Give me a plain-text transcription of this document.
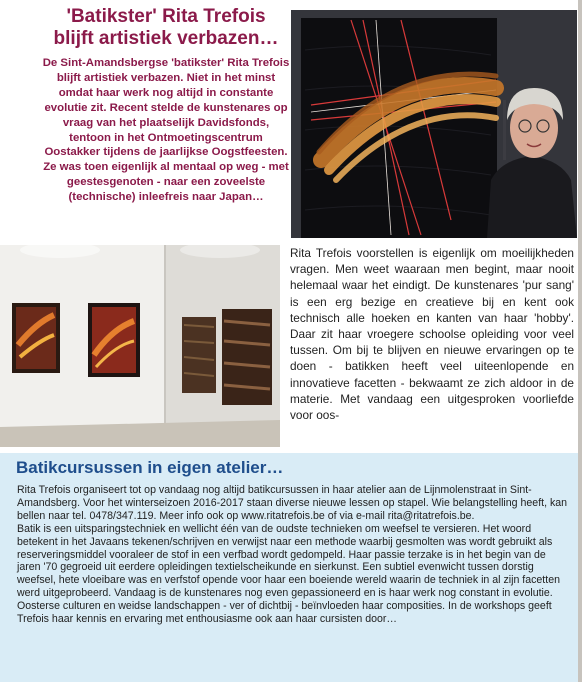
'Batikster' Rita Trefois
blijft artistiek verbazen…

De Sint-Amandsbergse 'batikster' Rita Trefois blijft artistiek verbazen. Niet in het minst omdat haar werk nog altijd in constante evolutie zit. Recent stelde de kunstenares op vraag van het plaatselijk Davidsfonds, tentoon in het Ontmoetingscentrum Oostakker tijdens de jaarlijkse Oogstfeesten. Ze was toen eigenlijk al mentaal op weg - met geestesgenoten - naar een zoveelste (technische) inleefreis naar Japan…

Rita Trefois voorstellen is eigenlijk om moeilijkheden vragen. Men weet waaraan men begint, maar nooit helemaal waar het eindigt. De kunstenares 'pur sang' is een erg bezige en creatieve bij en kent ook technisch alle hoeken en kanten van haar 'hobby'. Daar zit haar vroegere schoolse opleiding voor veel tussen. Om bij te blijven en nieuwe ervaringen op te doen - batikken heeft veel uiteenlopende en innovatieve facetten - bekwaamt ze zich aldoor in de materie. Met vandaag een uitgesproken voorliefde voor oos-

Batikcursussen in eigen atelier…

Rita Trefois organiseert tot op vandaag nog altijd batikcursussen in haar atelier aan de Lijnmolenstraat in Sint-Amandsberg. Voor het winterseizoen 2016-2017 staan diverse nieuwe lessen op stapel. Wie belangstelling heeft, kan bellen naar tel. 0478/347.119. Meer info ook op www.ritatrefois.be of via e-mail rita@ritatrefois.be.

Batik is een uitsparingstechniek en wellicht één van de oudste technieken om weefsel te versieren. Het woord betekent in het Javaans tekenen/schrijven en verwijst naar een methode waarbij gesmolten was wordt gebruikt als reserveringsmiddel vooraleer de stof in een verfbad wordt gedompeld. Haar passie terzake is in het begin van de jaren '70 gegroeid uit eerdere opleidingen textielscheikunde en sierkunst. Een subtiel evenwicht tussen dorstig weefsel, hete vloeibare was en verfstof opende voor haar een boeiende wereld waarin de techniek in al zijn facetten werd uitgeprobeerd. Vandaag is de kunstenares nog even gepassioneerd en is haar werk nog constant in evolutie. Oosterse culturen en weidse landschappen - ver of dichtbij - beïnvloeden haar composities. In de workshops geeft Trefois haar kennis en ervaring met enthousiasme ook aan haar cursisten door…
